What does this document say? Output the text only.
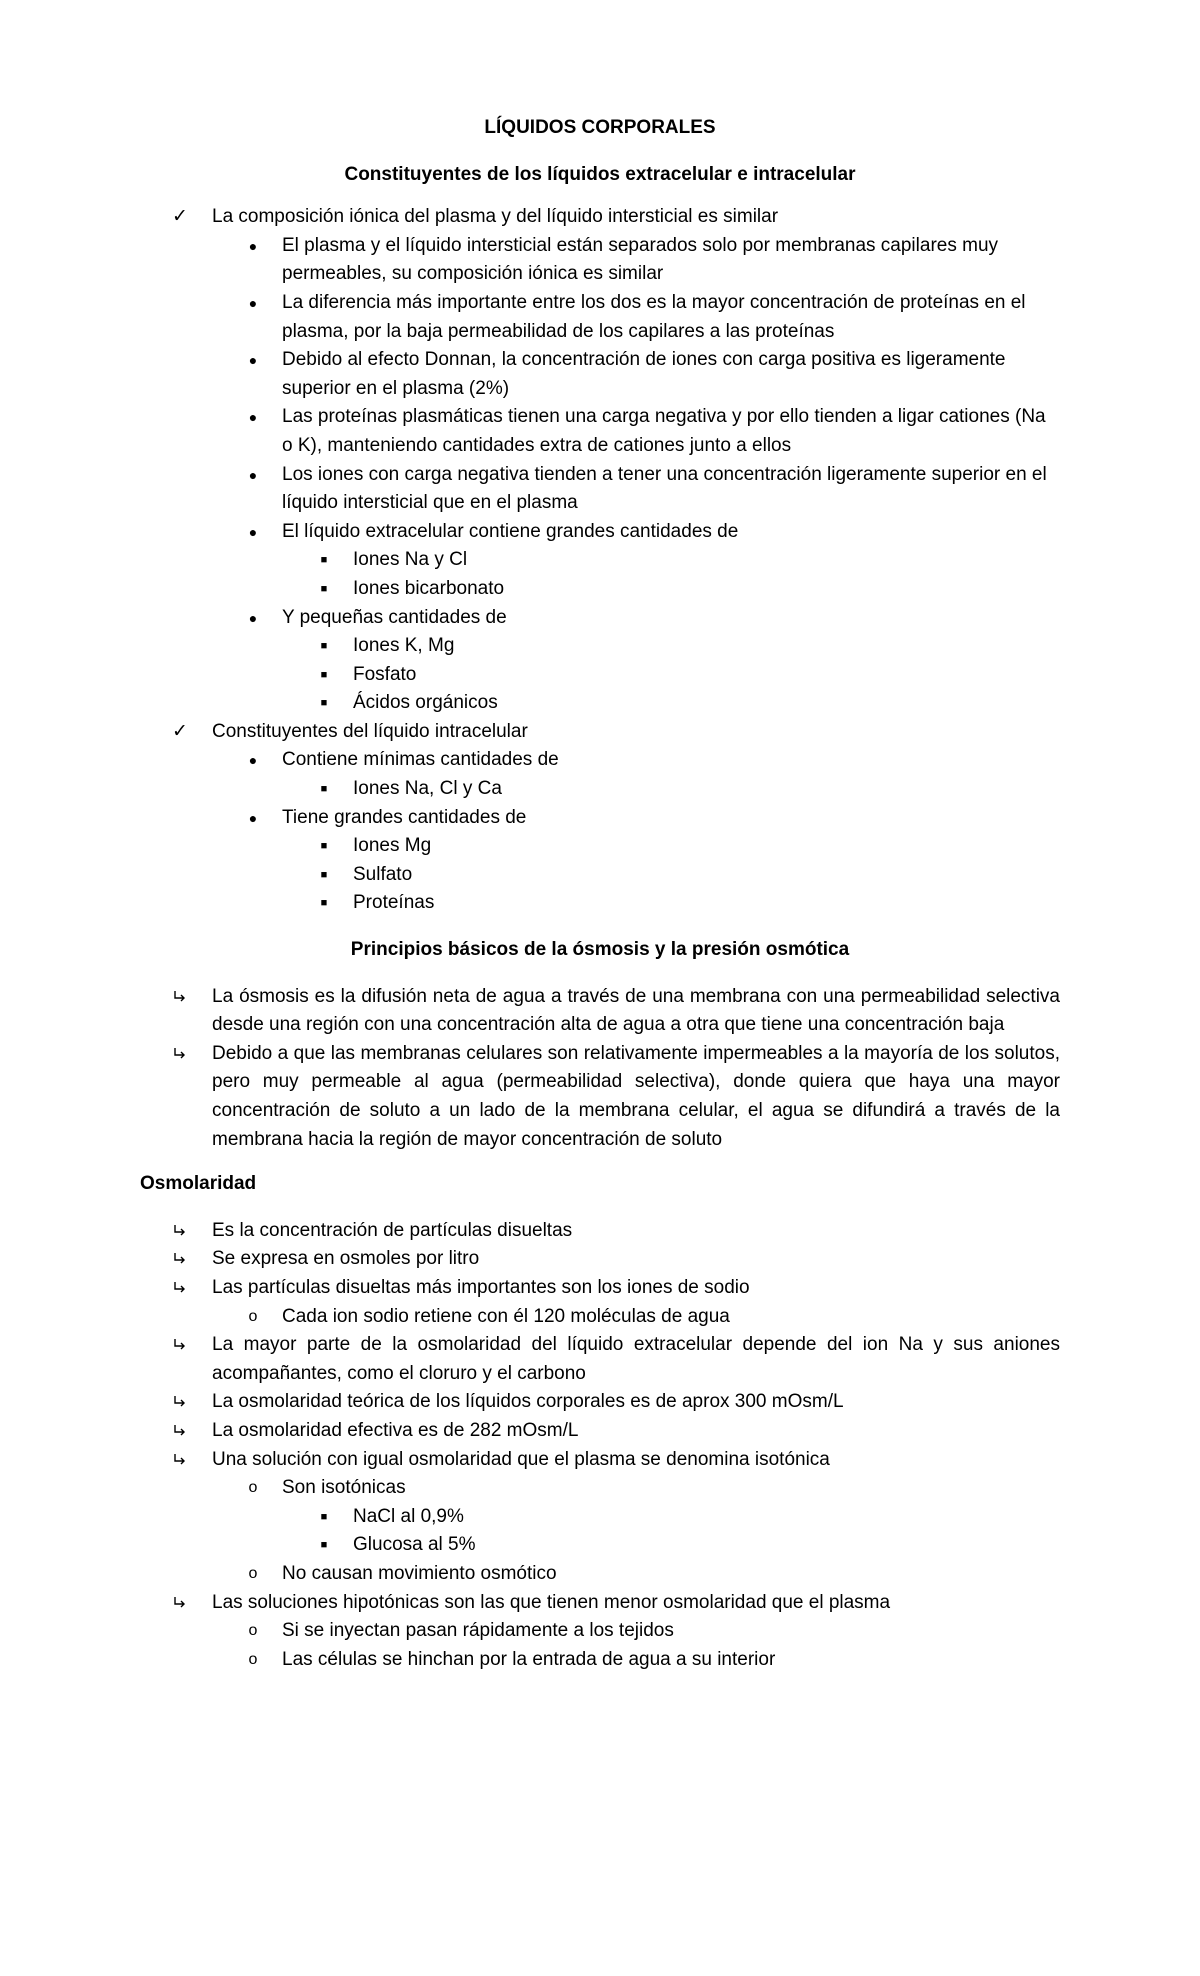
LÍQUIDOS CORPORALES
Constituyentes de los líquidos extracelular e intracelular
✓ La composición iónica del plasma y del líquido intersticial es similar
●	El plasma y el líquido intersticial están separados solo por membranas capilares muy permeables, su composición iónica es similar
●	La diferencia más importante entre los dos es la mayor concentración de proteínas en el plasma, por la baja permeabilidad de los capilares a las proteínas
●	Debido al efecto Donnan, la concentración de iones con carga positiva es ligeramente superior en el plasma (2%)
●	Las proteínas plasmáticas tienen una carga negativa y por ello tienden a ligar cationes (Na o K), manteniendo cantidades extra de cationes junto a ellos
●	Los iones con carga negativa tienden a tener una concentración ligeramente superior en el líquido intersticial que en el plasma
●	El líquido extracelular contiene grandes cantidades de
■	Iones Na y Cl
■	Iones bicarbonato
●	Y pequeñas cantidades de
■	Iones K, Mg
■	Fosfato
■	Ácidos orgánicos
✓ Constituyentes del líquido intracelular
●	Contiene mínimas cantidades de
■	Iones Na, Cl y Ca
●	Tiene grandes cantidades de
■	Iones Mg
■	Sulfato
■	Proteínas
Principios básicos de la ósmosis y la presión osmótica
La ósmosis es la difusión neta de agua a través de una membrana con una permeabilidad selectiva desde una región con una concentración alta de agua a otra que tiene una concentración baja
Debido a que las membranas celulares son relativamente impermeables a la mayoría de los solutos, pero muy permeable al agua (permeabilidad selectiva), donde quiera que haya una mayor concentración de soluto a un lado de la membrana celular, el agua se difundirá a través de la membrana hacia la región de mayor concentración de soluto
Osmolaridad
Es la concentración de partículas disueltas
Se expresa en osmoles por litro
Las partículas disueltas más importantes son los iones de sodio
o Cada ion sodio retiene con él 120 moléculas de agua
La mayor parte de la osmolaridad del líquido extracelular depende del ion Na y sus aniones acompañantes, como el cloruro y el carbono
La osmolaridad teórica de los líquidos corporales es de aprox 300 mOsm/L
La osmolaridad efectiva es de 282 mOsm/L
Una solución con igual osmolaridad que el plasma se denomina isotónica
o Son isotónicas
■	NaCl al 0,9%
■	Glucosa al 5%
o No causan movimiento osmótico
Las soluciones hipotónicas son las que tienen menor osmolaridad que el plasma
o Si se inyectan pasan rápidamente a los tejidos
o Las células se hinchan por la entrada de agua a su interior
